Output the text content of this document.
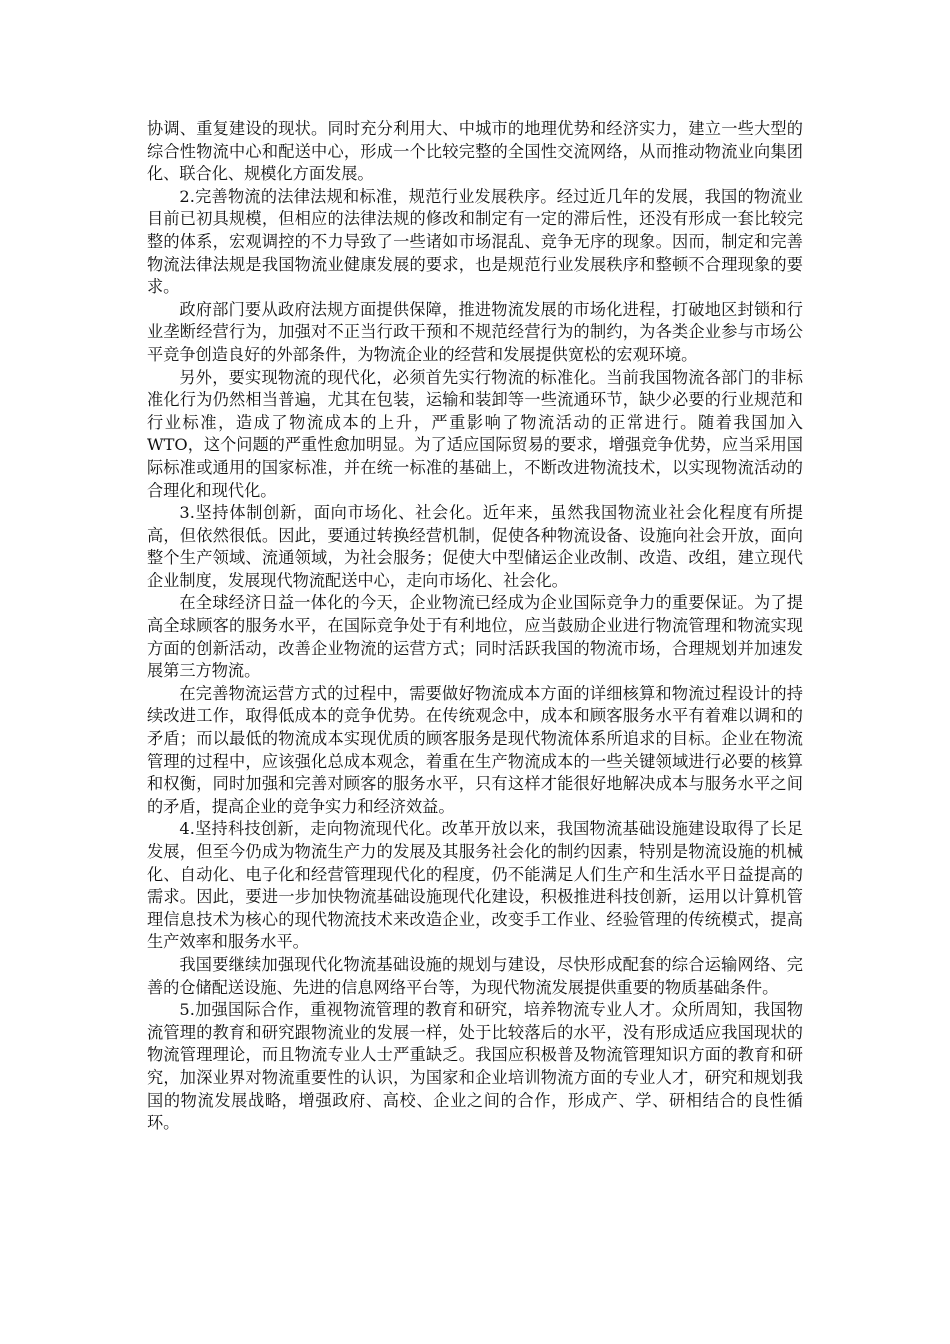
协调、重复建设的现状。同时充分利用大、中城市的地理优势和经济实力，建立一些大型的综合性物流中心和配送中心，形成一个比较完整的全国性交流网络，从而推动物流业向集团化、联合化、规模化方面发展。

2.完善物流的法律法规和标准，规范行业发展秩序。经过近几年的发展，我国的物流业目前已初具规模，但相应的法律法规的修改和制定有一定的滞后性，还没有形成一套比较完整的体系，宏观调控的不力导致了一些诸如市场混乱、竞争无序的现象。因而，制定和完善物流法律法规是我国物流业健康发展的要求，也是规范行业发展秩序和整顿不合理现象的要求。

政府部门要从政府法规方面提供保障，推进物流发展的市场化进程，打破地区封锁和行业垄断经营行为，加强对不正当行政干预和不规范经营行为的制约，为各类企业参与市场公平竞争创造良好的外部条件，为物流企业的经营和发展提供宽松的宏观环境。

另外，要实现物流的现代化，必须首先实行物流的标准化。当前我国物流各部门的非标准化行为仍然相当普遍，尤其在包装，运输和装卸等一些流通环节，缺少必要的行业规范和行业标准，造成了物流成本的上升，严重影响了物流活动的正常进行。随着我国加入 WTO，这个问题的严重性愈加明显。为了适应国际贸易的要求，增强竞争优势，应当采用国际标准或通用的国家标准，并在统一标准的基础上，不断改进物流技术，以实现物流活动的合理化和现代化。

3.坚持体制创新，面向市场化、社会化。近年来，虽然我国物流业社会化程度有所提高，但依然很低。因此，要通过转换经营机制，促使各种物流设备、设施向社会开放，面向整个生产领域、流通领域，为社会服务；促使大中型储运企业改制、改造、改组，建立现代企业制度，发展现代物流配送中心，走向市场化、社会化。

在全球经济日益一体化的今天，企业物流已经成为企业国际竞争力的重要保证。为了提高全球顾客的服务水平，在国际竞争处于有利地位，应当鼓励企业进行物流管理和物流实现方面的创新活动，改善企业物流的运营方式；同时活跃我国的物流市场，合理规划并加速发展第三方物流。

在完善物流运营方式的过程中，需要做好物流成本方面的详细核算和物流过程设计的持续改进工作，取得低成本的竞争优势。在传统观念中，成本和顾客服务水平有着难以调和的矛盾；而以最低的物流成本实现优质的顾客服务是现代物流体系所追求的目标。企业在物流管理的过程中，应该强化总成本观念，着重在生产物流成本的一些关键领域进行必要的核算和权衡，同时加强和完善对顾客的服务水平，只有这样才能很好地解决成本与服务水平之间的矛盾，提高企业的竞争实力和经济效益。

4.坚持科技创新，走向物流现代化。改革开放以来，我国物流基础设施建设取得了长足发展，但至今仍成为物流生产力的发展及其服务社会化的制约因素，特别是物流设施的机械化、自动化、电子化和经营管理现代化的程度，仍不能满足人们生产和生活水平日益提高的需求。因此，要进一步加快物流基础设施现代化建设，积极推进科技创新，运用以计算机管理信息技术为核心的现代物流技术来改造企业，改变手工作业、经验管理的传统模式，提高生产效率和服务水平。

我国要继续加强现代化物流基础设施的规划与建设，尽快形成配套的综合运输网络、完善的仓储配送设施、先进的信息网络平台等，为现代物流发展提供重要的物质基础条件。

5.加强国际合作，重视物流管理的教育和研究，培养物流专业人才。众所周知，我国物流管理的教育和研究跟物流业的发展一样，处于比较落后的水平，没有形成适应我国现状的物流管理理论，而且物流专业人士严重缺乏。我国应积极普及物流管理知识方面的教育和研究，加深业界对物流重要性的认识，为国家和企业培训物流方面的专业人才，研究和规划我国的物流发展战略，增强政府、高校、企业之间的合作，形成产、学、研相结合的良性循环。
